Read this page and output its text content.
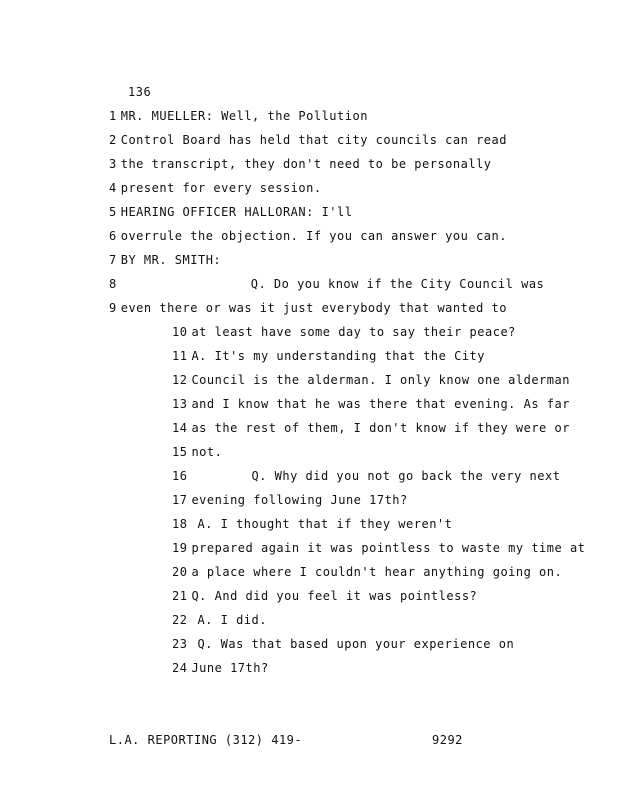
136
1 MR. MUELLER: Well, the Pollution
2 Control Board has held that city councils can read
3 the transcript, they don't need to be personally
4 present for every session.
5 HEARING OFFICER HALLORAN: I'll
6 overrule the objection. If you can answer you can.
7 BY MR. SMITH:
8	Q. Do you know if the City Council was
9 even there or was it just everybody that wanted to
10 at least have some day to say their peace?
11 A. It's my understanding that the City
12 Council is the alderman. I only know one alderman
13 and I know that he was there that evening. As far
14 as the rest of them, I don't know if they were or
15 not.
16	Q. Why did you not go back the very next
17 evening following June 17th?
18 A. I thought that if they weren't
19 prepared again it was pointless to waste my time at
20 a place where I couldn't hear anything going on.
21 Q. And did you feel it was pointless?
22 A. I did.
23 Q. Was that based upon your experience on
24 June 17th?
L.A. REPORTING (312) 419-	9292
